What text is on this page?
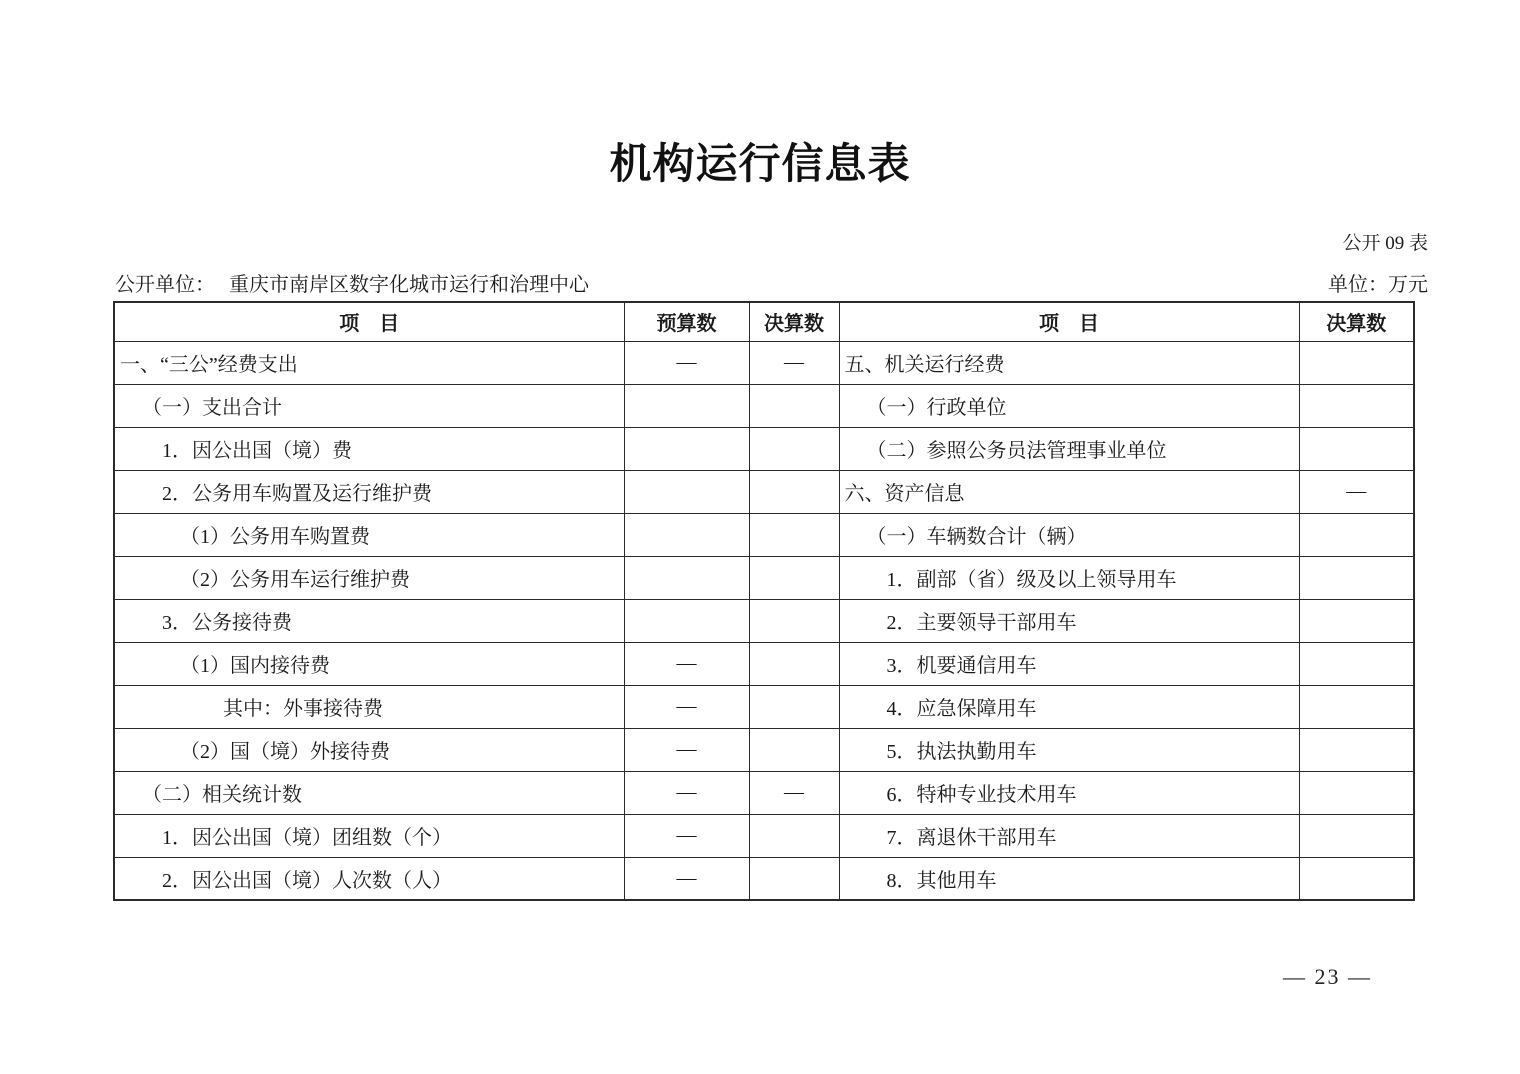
机构运行信息表
公开 09 表
公开单位： 重庆市南岸区数字化城市运行和治理中心	单位：万元
项　目	预算数	决算数	项　目	决算数
一、“三公”经费支出	—	—	五、机关运行经费	
（一）支出合计			（一）行政单位	
1．因公出国（境）费			（二）参照公务员法管理事业单位	
2．公务用车购置及运行维护费			六、资产信息	—
（1）公务用车购置费			（一）车辆数合计（辆）	
（2）公务用车运行维护费			1．副部（省）级及以上领导用车	
3．公务接待费			2．主要领导干部用车	
（1）国内接待费	—		3．机要通信用车	
其中：外事接待费	—		4．应急保障用车	
（2）国（境）外接待费	—		5．执法执勤用车	
（二）相关统计数	—	—	6．特种专业技术用车	
1．因公出国（境）团组数（个）	—		7．离退休干部用车	
2．因公出国（境）人次数（人）	—		8．其他用车	
— 23 —
